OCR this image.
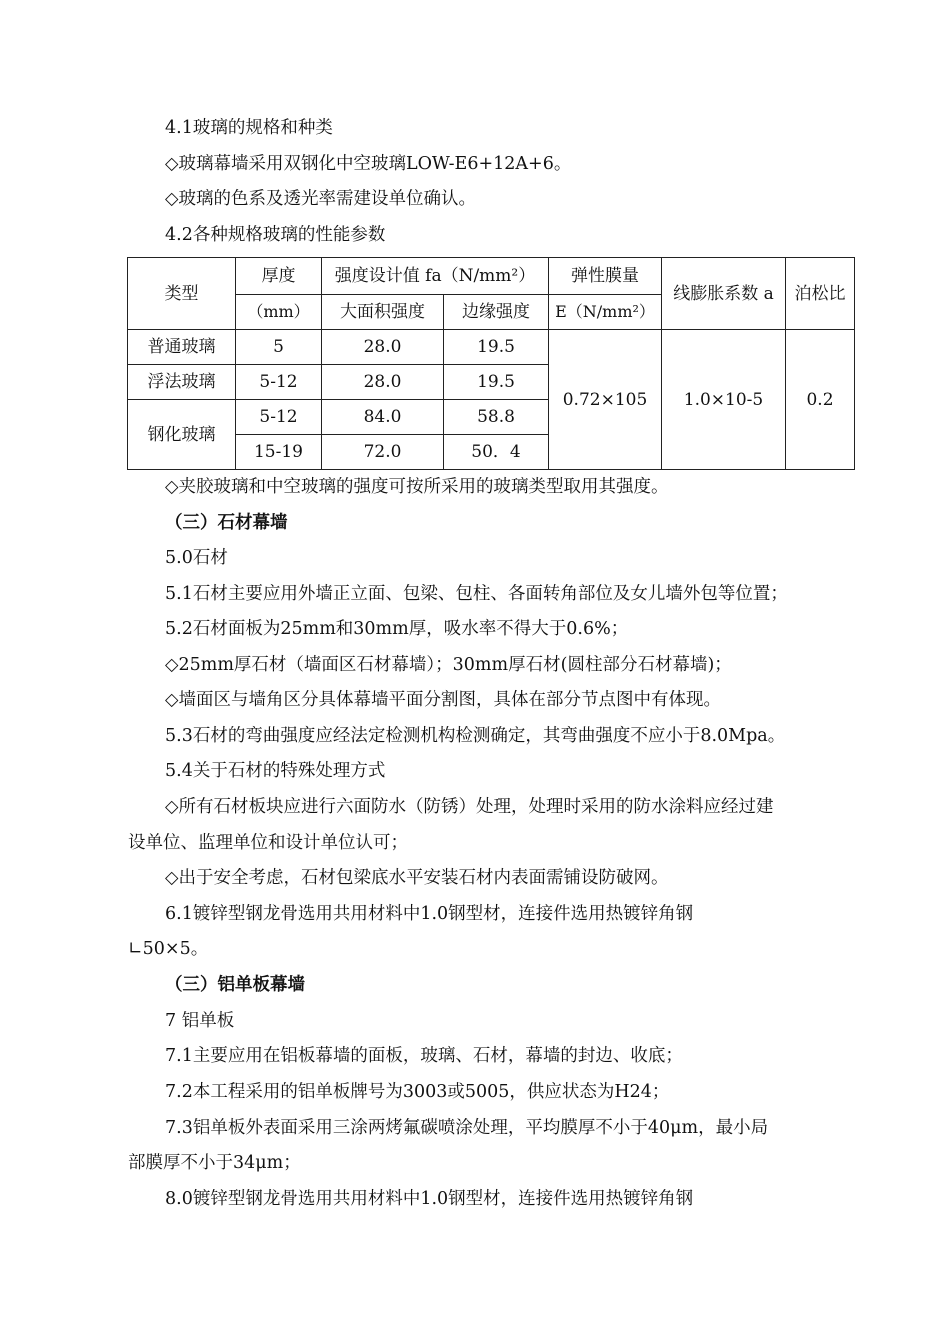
4.1玻璃的规格和种类
◇玻璃幕墙采用双钢化中空玻璃LOW-E6+12A+6。
◇玻璃的色系及透光率需建设单位确认。
4.2各种规格玻璃的性能参数
类型	厚度	强度设计值 fa（N/mm²）		弹性膜量	线膨胀系数 a	泊松比
	（mm）	大面积强度	边缘强度	E（N/mm²）		
普通玻璃	5	28.0	19.5	0.72×105	1.0×10-5	0.2
浮法玻璃	5-12	28.0	19.5			
钢化玻璃	5-12	84.0	58.8			
	15-19	72.0	50．4			
◇夹胶玻璃和中空玻璃的强度可按所采用的玻璃类型取用其强度。
（三）石材幕墙
5.0石材
5.1石材主要应用外墙正立面、包梁、包柱、各面转角部位及女儿墙外包等位置；
5.2石材面板为25mm和30mm厚，吸水率不得大于0.6%；
◇25mm厚石材（墙面区石材幕墙）；30mm厚石材(圆柱部分石材幕墙)；
◇墙面区与墙角区分具体幕墙平面分割图，具体在部分节点图中有体现。
5.3石材的弯曲强度应经法定检测机构检测确定，其弯曲强度不应小于8.0Mpa。
5.4关于石材的特殊处理方式
◇所有石材板块应进行六面防水（防锈）处理，处理时采用的防水涂料应经过建
设单位、监理单位和设计单位认可；
◇出于安全考虑，石材包梁底水平安装石材内表面需铺设防破网。
6.1镀锌型钢龙骨选用共用材料中1.0钢型材，连接件选用热镀锌角钢
∟50×5。
（三）铝单板幕墙
7 铝单板
7.1主要应用在铝板幕墙的面板，玻璃、石材，幕墙的封边、收底；
7.2本工程采用的铝单板牌号为3003或5005，供应状态为H24；
7.3铝单板外表面采用三涂两烤氟碳喷涂处理，平均膜厚不小于40μm，最小局
部膜厚不小于34μm；
8.0镀锌型钢龙骨选用共用材料中1.0钢型材，连接件选用热镀锌角钢
